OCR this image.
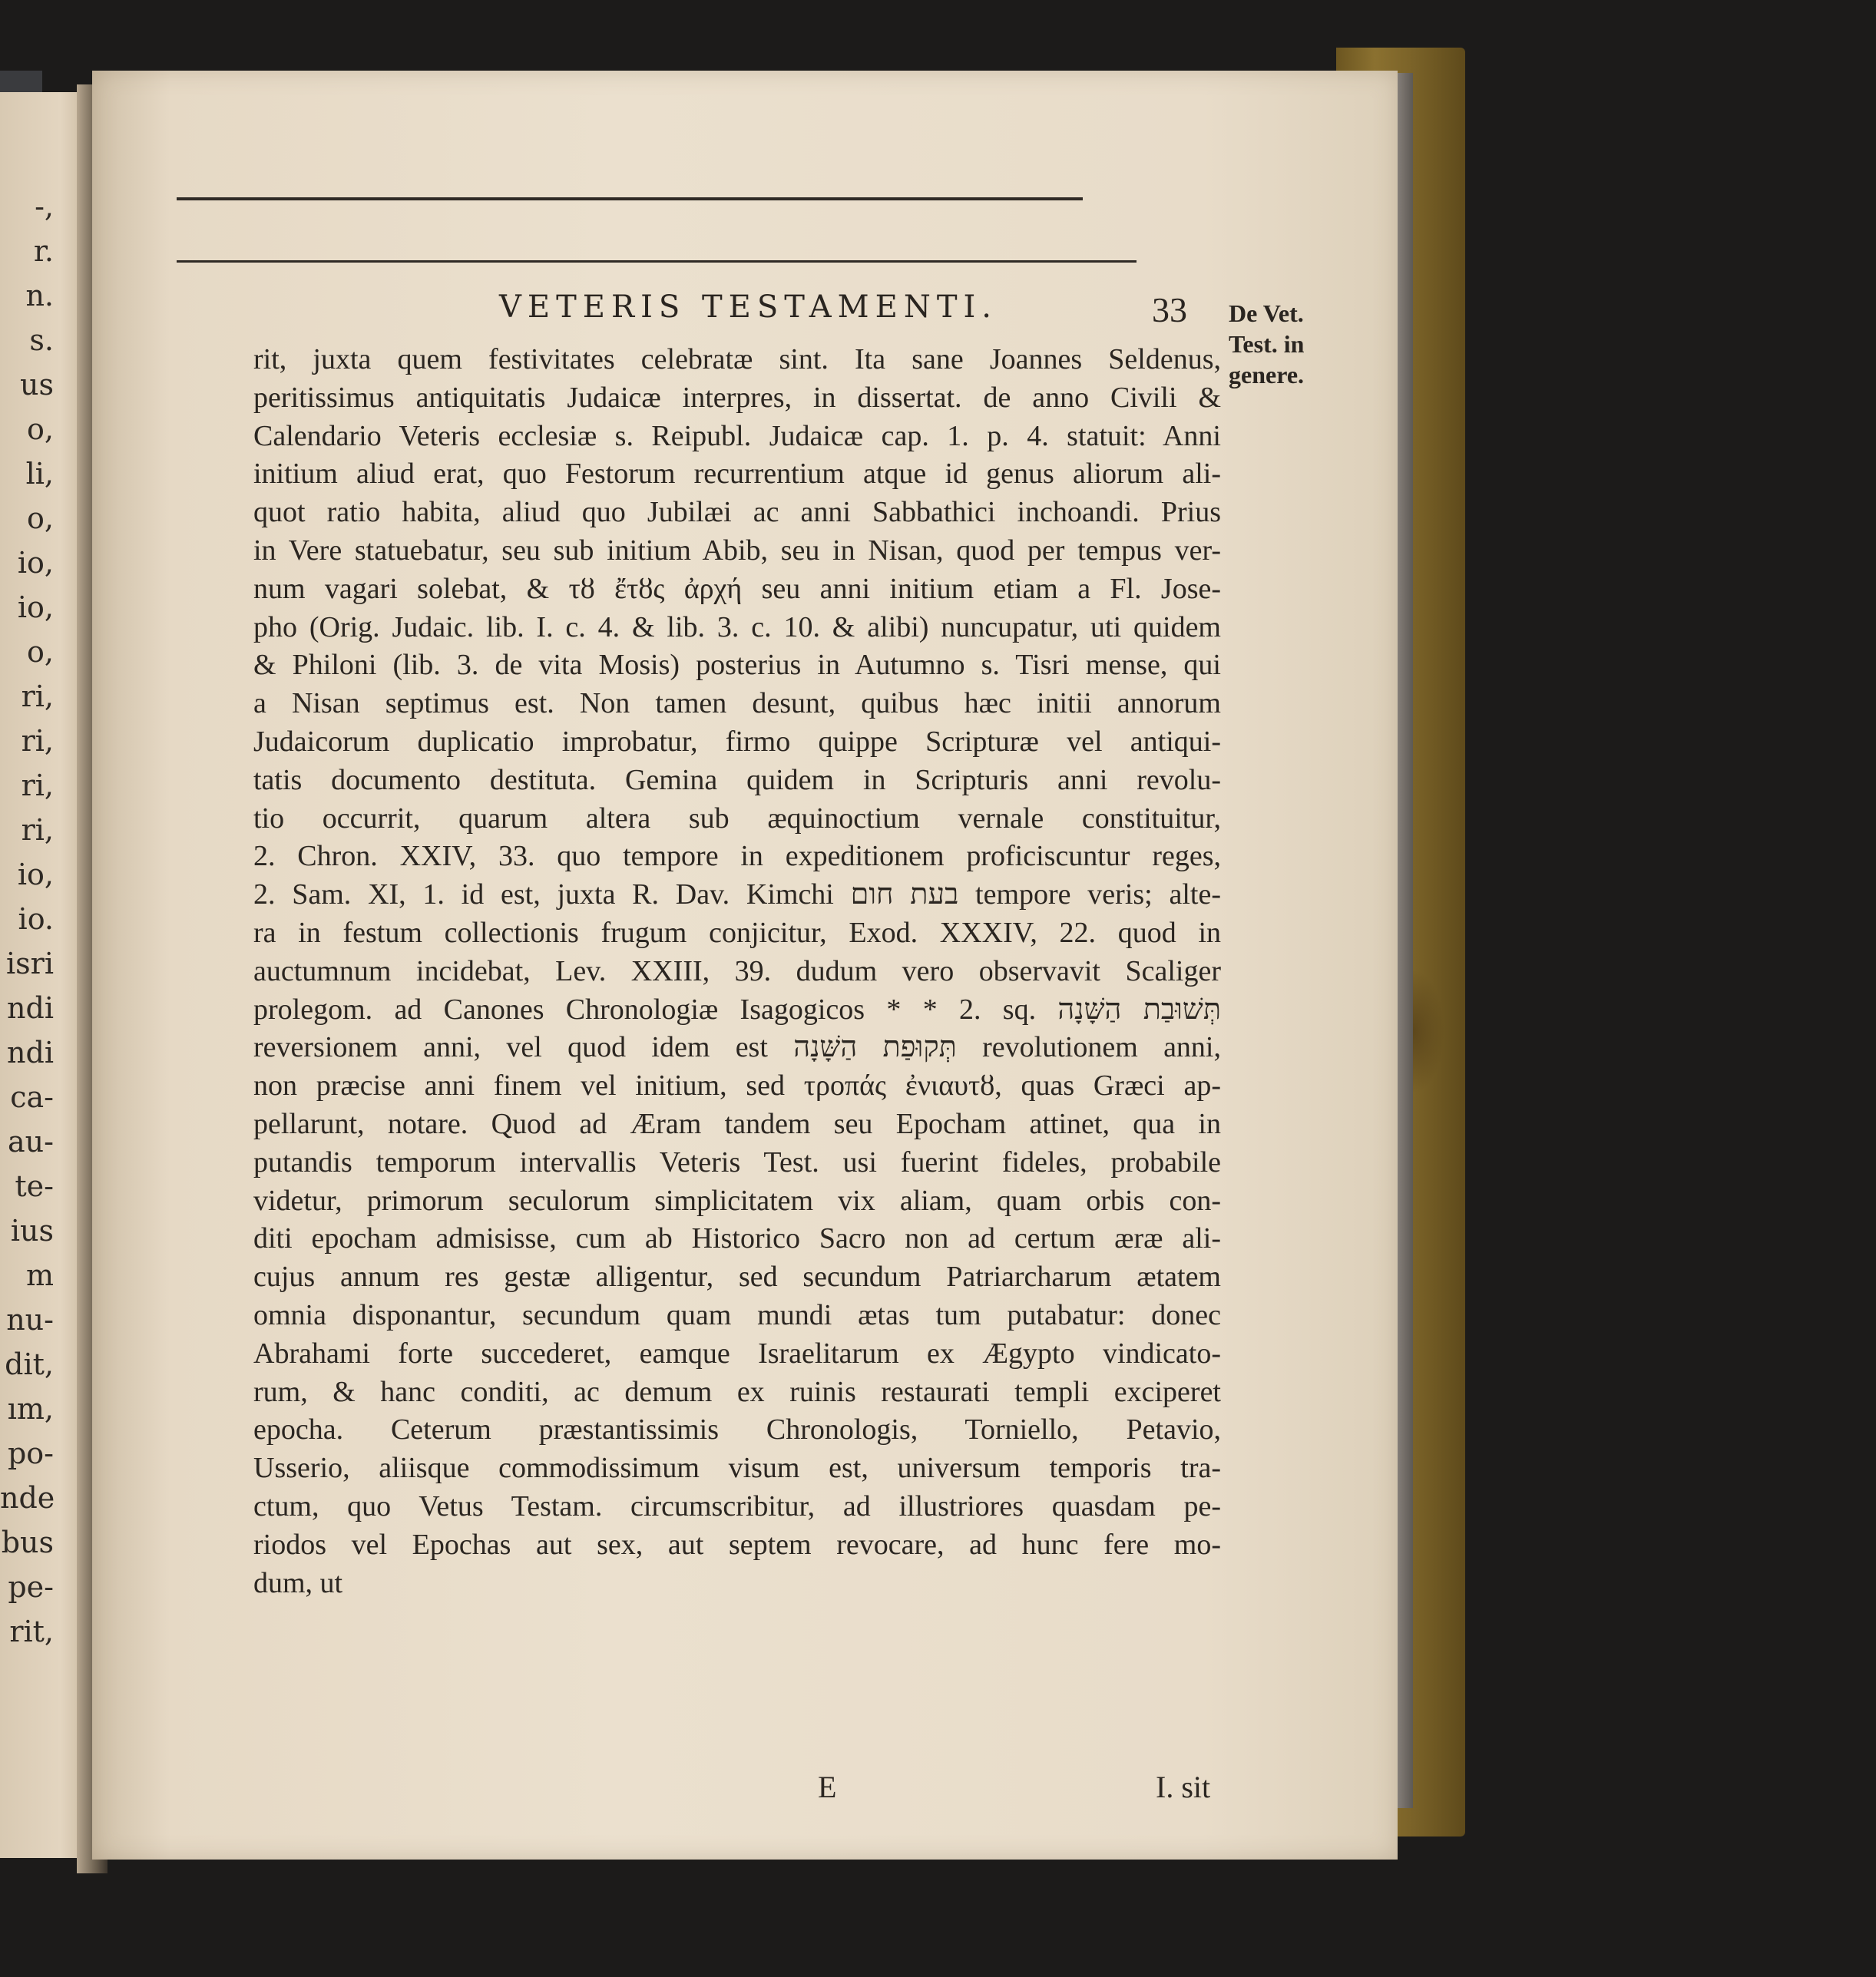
-,
r.
n.
s.
us
o,
li,
o,
io,
io,
o,
ri,
ri,
ri,
ri,
io,
io.
isri
ndi
ndi
ca-
au-
te-
ius
m
nu-
dit,
ım,
po-
nde
bus
pe-
rit,
VETERIS TESTAMENTI.	33 De Vet. Test. in genere.
rit, juxta quem festivitates celebratæ sint. Ita sane Joannes Seldenus,
peritissimus antiquitatis Judaicæ interpres, in dissertat. de anno Civili &
Calendario Veteris ecclesiæ s. Reipubl. Judaicæ cap. 1. p. 4. statuit: Anni
initium aliud erat, quo Festorum recurrentium atque id genus aliorum ali-
quot ratio habita, aliud quo Jubilæi ac anni Sabbathici inchoandi. Prius
in Vere statuebatur, seu sub initium Abib, seu in Nisan, quod per tempus ver-
num vagari solebat, & τȣ ἔτȣς ἀρχή seu anni initium etiam a Fl. Jose-
pho (Orig. Judaic. lib. I. c. 4. & lib. 3. c. 10. & alibi) nuncupatur, uti quidem
& Philoni (lib. 3. de vita Mosis) posterius in Autumno s. Tisri mense, qui
a Nisan septimus est. Non tamen desunt, quibus hæc initii annorum
Judaicorum duplicatio improbatur, firmo quippe Scripturæ vel antiqui-
tatis documento destituta. Gemina quidem in Scripturis anni revolu-
tio occurrit, quarum altera sub æquinoctium vernale constituitur,
2. Chron. XXIV, 33. quo tempore in expeditionem proficiscuntur reges,
2. Sam. XI, 1. id est, juxta R. Dav. Kimchi בעת חום tempore veris; alte-
ra in festum collectionis frugum conjicitur, Exod. XXXIV, 22. quod in
auctumnum incidebat, Lev. XXIII, 39. dudum vero observavit Scaliger
prolegom. ad Canones Chronologiæ Isagogicos * * 2. sq. תְּשׁוּבַת הַשָּׁנָה
reversionem anni, vel quod idem est תְּקוּפַת הַשָּׁנָה revolutionem anni,
non præcise anni finem vel initium, sed τροπάς ἐνιαυτȣ, quas Græci ap-
pellarunt, notare. Quod ad Æram tandem seu Epocham attinet, qua in
putandis temporum intervallis Veteris Test. usi fuerint fideles, probabile
videtur, primorum seculorum simplicitatem vix aliam, quam orbis con-
diti epocham admisisse, cum ab Historico Sacro non ad certum æræ ali-
cujus annum res gestæ alligentur, sed secundum Patriarcharum ætatem
omnia disponantur, secundum quam mundi ætas tum putabatur: donec
Abrahami forte succederet, eamque Israelitarum ex Ægypto vindicato-
rum, & hanc conditi, ac demum ex ruinis restaurati templi exciperet
epocha. Ceterum præstantissimis Chronologis, Torniello, Petavio,
Usserio, aliisque commodissimum visum est, universum temporis tra-
ctum, quo Vetus Testam. circumscribitur, ad illustriores quasdam pe-
riodos vel Epochas aut sex, aut septem revocare, ad hunc fere mo-
dum, ut
E	I. sit
